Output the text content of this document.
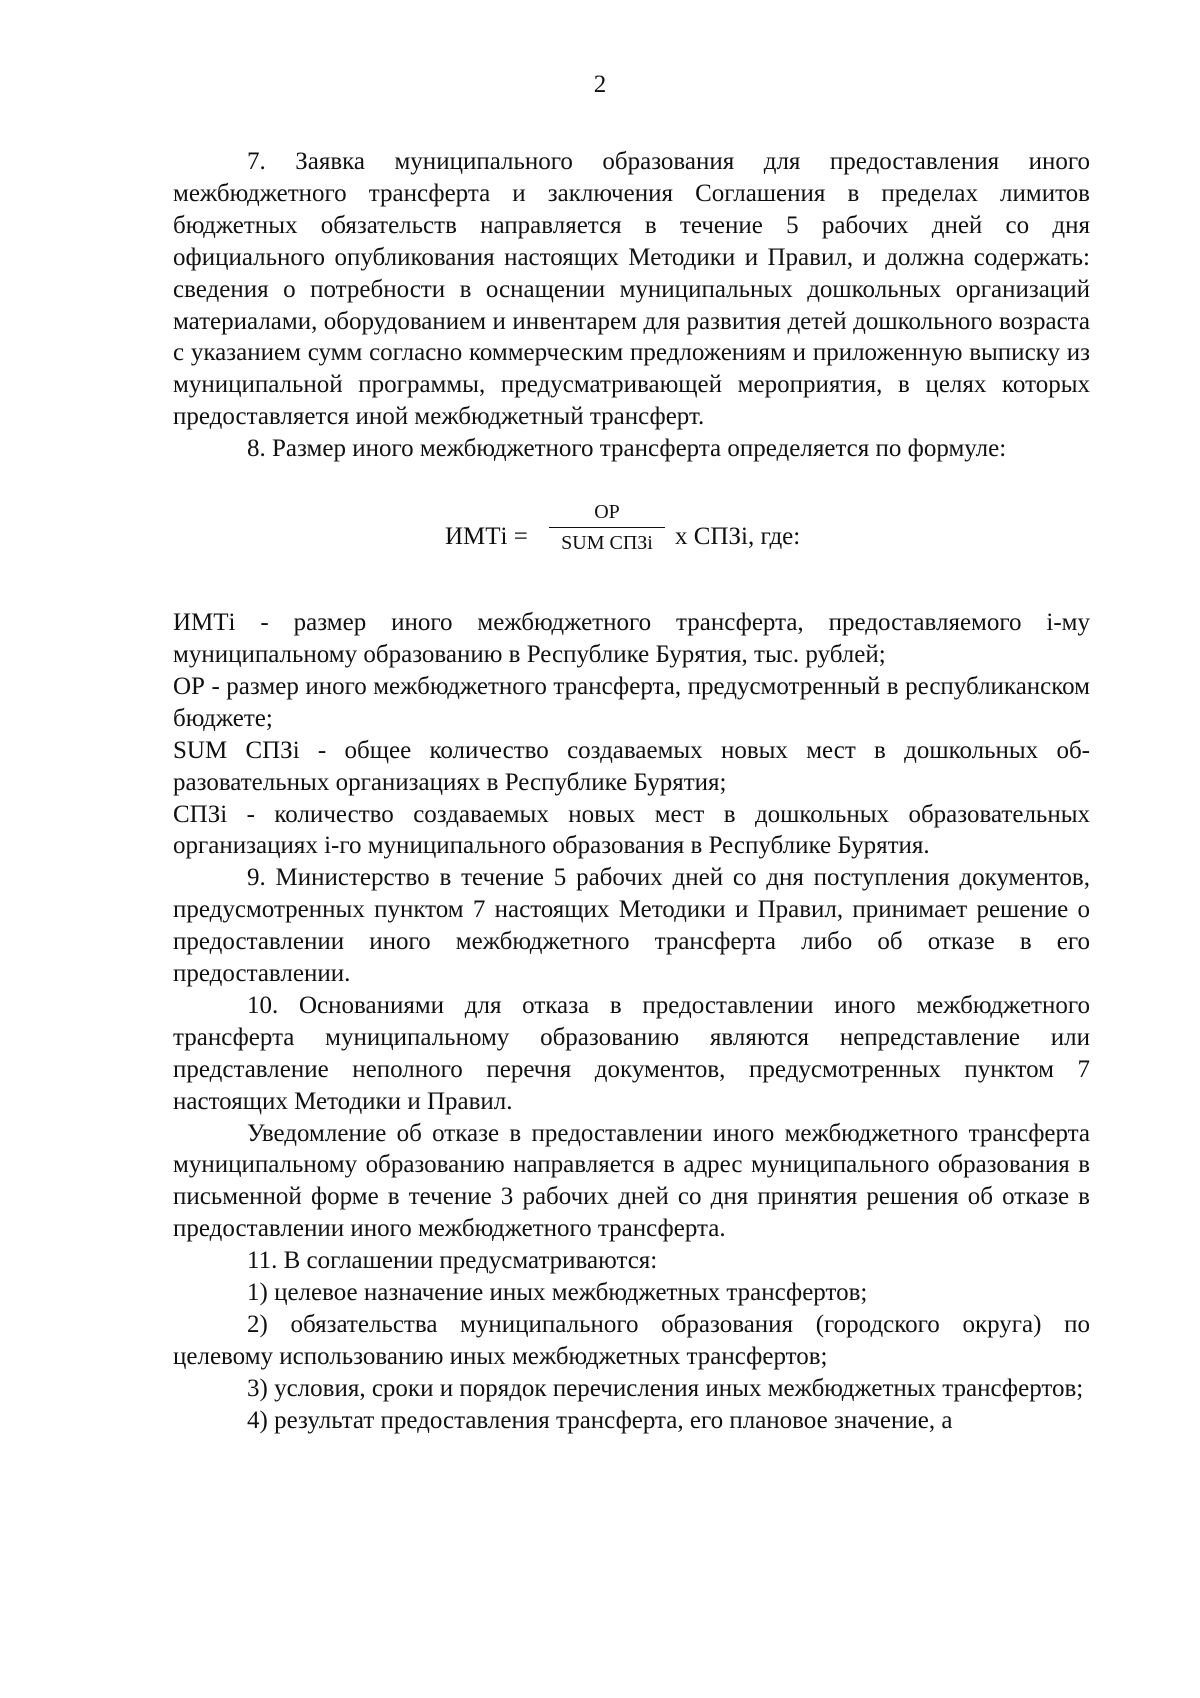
2

7. Заявка муниципального образования для предоставления иного межбюджетного трансферта и заключения Соглашения в пределах лимитов бюджетных обязательств направляется в течение 5 рабочих дней со дня официального опубликования настоящих Методики и Правил, и должна содержать: сведения о потребности в оснащении муниципальных дошкольных организаций материалами, оборудованием и инвентарем для развития детей дошкольного возраста с указанием сумм согласно коммерческим предложениям и приложенную выписку из муниципальной программы, предусматривающей мероприятия, в целях которых предоставляется иной межбюджетный трансферт.

8. Размер иного межбюджетного трансферта определяется по формуле:

ИМТi =
ОР
SUM СПЗi х СПЗi, где:

ИМТi - размер иного межбюджетного трансферта, предоставляемого i-му муниципальному образованию в Республике Бурятия, тыс. рублей;

ОР - размер иного межбюджетного трансферта, предусмотренный в республиканском бюджете;

SUM СПЗi - общее количество создаваемых новых мест в дошкольных образовательных организациях в Республике Бурятия;

СПЗi - количество создаваемых новых мест в дошкольных образовательных организациях i-го муниципального образования в Республике Бурятия.

9. Министерство в течение 5 рабочих дней со дня поступления документов, предусмотренных пунктом 7 настоящих Методики и Правил, принимает решение о предоставлении иного межбюджетного трансферта либо об отказе в его предоставлении.

10. Основаниями для отказа в предоставлении иного межбюджетного трансферта муниципальному образованию являются непредставление или представление неполного перечня документов, предусмотренных пунктом 7 настоящих Методики и Правил.

Уведомление об отказе в предоставлении иного межбюджетного трансферта муниципальному образованию направляется в адрес муниципального образования в письменной форме в течение 3 рабочих дней со дня принятия решения об отказе в предоставлении иного межбюджетного трансферта.

11. В соглашении предусматриваются:

1) целевое назначение иных межбюджетных трансфертов;

2) обязательства муниципального образования (городского округа) по целевому использованию иных межбюджетных трансфертов;

3) условия, сроки и порядок перечисления иных межбюджетных трансфертов;

4) результат предоставления трансферта, его плановое значение, а
